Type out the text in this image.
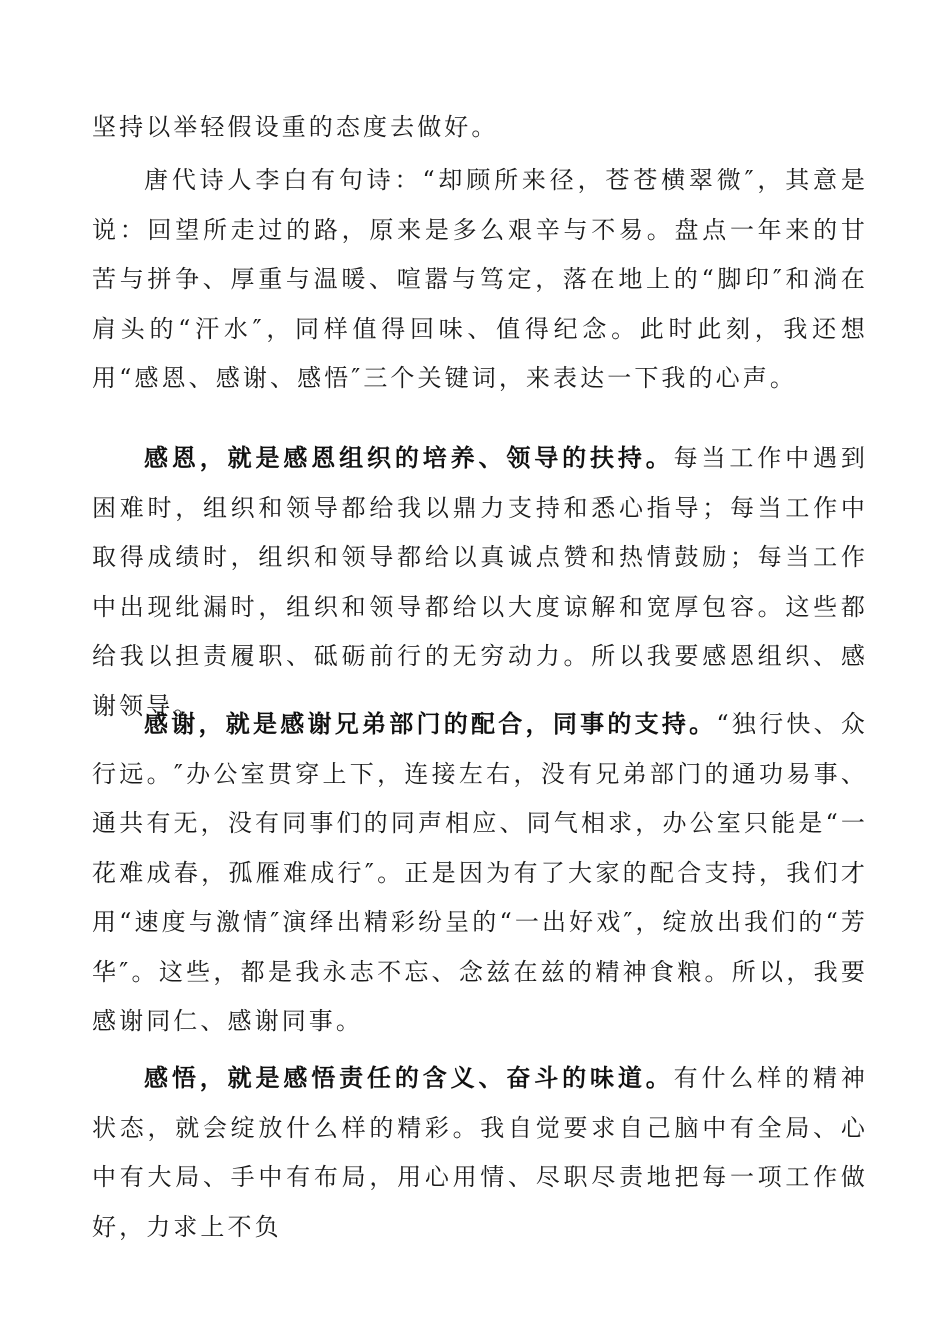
坚持以举轻假设重的态度去做好。

唐代诗人李白有句诗：“却顾所来径，苍苍横翠微″，其意是说：回望所走过的路，原来是多么艰辛与不易。盘点一年来的甘苦与拼争、厚重与温暖、喧嚣与笃定，落在地上的“脚印″和淌在肩头的“汗水″，同样值得回味、值得纪念。此时此刻，我还想用“感恩、感谢、感悟″三个关键词，来表达一下我的心声。

感恩，就是感恩组织的培养、领导的扶持。每当工作中遇到困难时，组织和领导都给我以鼎力支持和悉心指导；每当工作中取得成绩时，组织和领导都给以真诚点赞和热情鼓励；每当工作中出现纰漏时，组织和领导都给以大度谅解和宽厚包容。这些都给我以担责履职、砥砺前行的无穷动力。所以我要感恩组织、感谢领导。

感谢，就是感谢兄弟部门的配合，同事的支持。“独行快、众行远。″办公室贯穿上下，连接左右，没有兄弟部门的通功易事、通共有无，没有同事们的同声相应、同气相求，办公室只能是“一花难成春，孤雁难成行″。正是因为有了大家的配合支持，我们才用“速度与激情″演绎出精彩纷呈的“一出好戏″，绽放出我们的“芳华″。这些，都是我永志不忘、念兹在兹的精神食粮。所以，我要感谢同仁、感谢同事。

感悟，就是感悟责任的含义、奋斗的味道。有什么样的精神状态，就会绽放什么样的精彩。我自觉要求自己脑中有全局、心中有大局、手中有布局，用心用情、尽职尽责地把每一项工作做好，力求上不负
